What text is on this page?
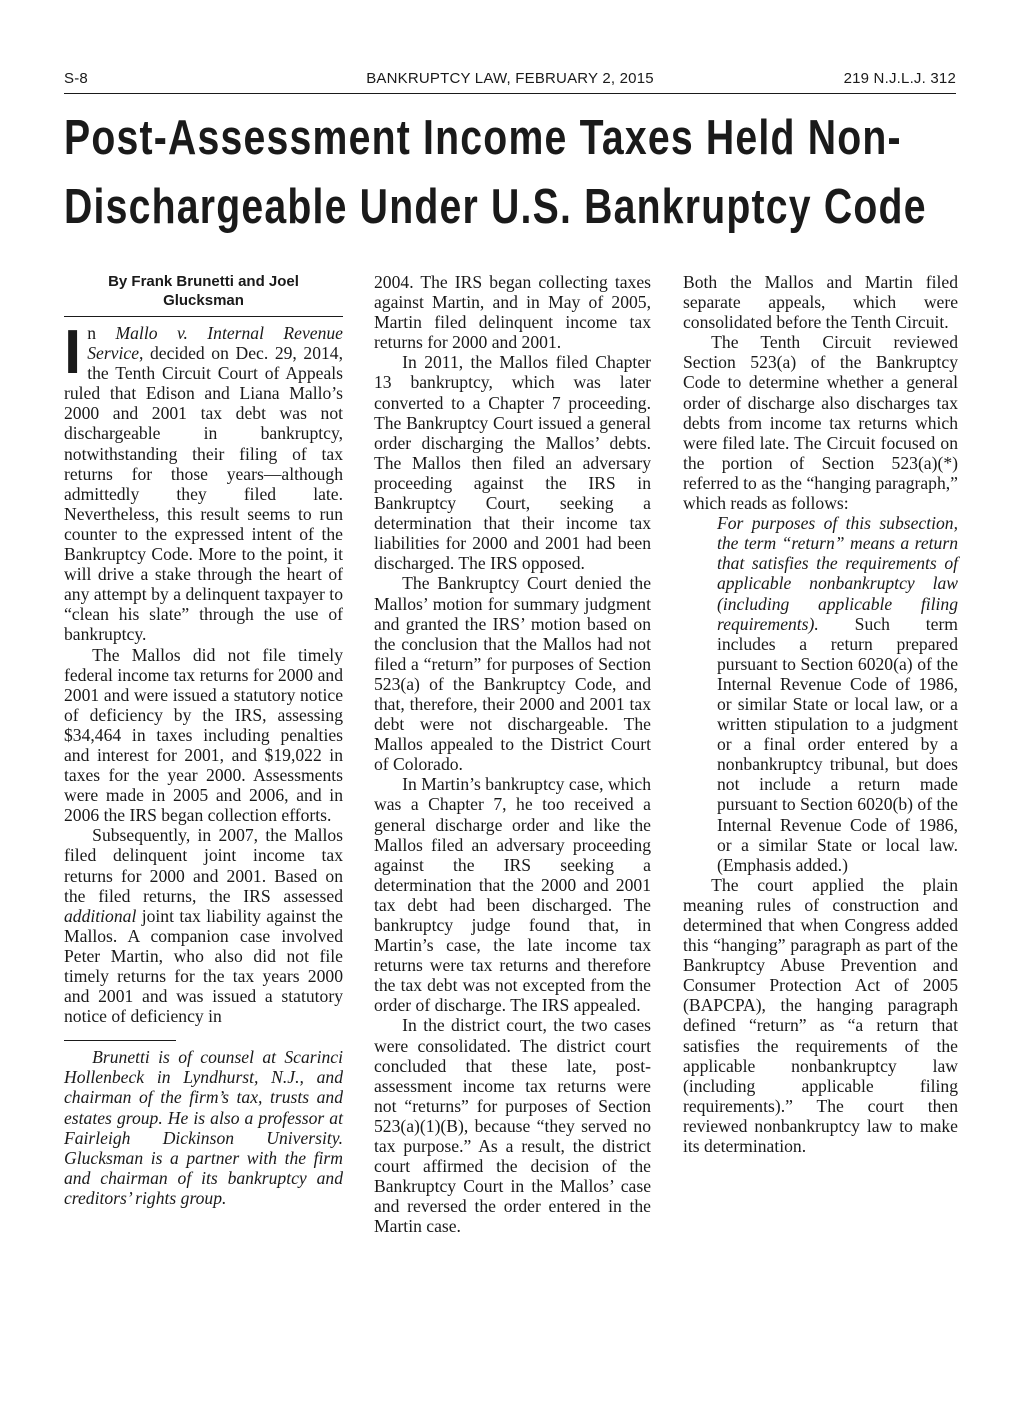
S-8	BANKRUPTCY LAW, FEBRUARY 2, 2015	219 N.J.L.J. 312
Post-Assessment Income Taxes Held Non-
Dischargeable Under U.S. Bankruptcy Code
By Frank Brunetti and Joel Glucksman

In Mallo v. Internal Revenue Service, decided on Dec. 29, 2014, the Tenth Circuit Court of Appeals ruled that Edison and Liana Mallo’s 2000 and 2001 tax debt was not dischargeable in bankruptcy, notwithstanding their filing of tax returns for those years—although admittedly they filed late. Nevertheless, this result seems to run counter to the expressed intent of the Bankruptcy Code. More to the point, it will drive a stake through the heart of any attempt by a delinquent taxpayer to “clean his slate” through the use of bankruptcy.

The Mallos did not file timely federal income tax returns for 2000 and 2001 and were issued a statutory notice of deficiency by the IRS, assessing $34,464 in taxes including penalties and interest for 2001, and $19,022 in taxes for the year 2000. Assessments were made in 2005 and 2006, and in 2006 the IRS began collection efforts.

Subsequently, in 2007, the Mallos filed delinquent joint income tax returns for 2000 and 2001. Based on the filed returns, the IRS assessed additional joint tax liability against the Mallos. A companion case involved Peter Martin, who also did not file timely returns for the tax years 2000 and 2001 and was issued a statutory notice of deficiency in

Brunetti is of counsel at Scarinci Hollenbeck in Lyndhurst, N.J., and chairman of the firm’s tax, trusts and estates group. He is also a professor at Fairleigh Dickinson University. Glucksman is a partner with the firm and chairman of its bankruptcy and creditors’ rights group.

2004. The IRS began collecting taxes against Martin, and in May of 2005, Martin filed delinquent income tax returns for 2000 and 2001.

In 2011, the Mallos filed Chapter 13 bankruptcy, which was later converted to a Chapter 7 proceeding. The Bankruptcy Court issued a general order discharging the Mallos’ debts. The Mallos then filed an adversary proceeding against the IRS in Bankruptcy Court, seeking a determination that their income tax liabilities for 2000 and 2001 had been discharged. The IRS opposed.

The Bankruptcy Court denied the Mallos’ motion for summary judgment and granted the IRS’ motion based on the conclusion that the Mallos had not filed a “return” for purposes of Section 523(a) of the Bankruptcy Code, and that, therefore, their 2000 and 2001 tax debt were not dischargeable. The Mallos appealed to the District Court of Colorado.

In Martin’s bankruptcy case, which was a Chapter 7, he too received a general discharge order and like the Mallos filed an adversary proceeding against the IRS seeking a determination that the 2000 and 2001 tax debt had been discharged. The bankruptcy judge found that, in Martin’s case, the late income tax returns were tax returns and therefore the tax debt was not excepted from the order of discharge. The IRS appealed.

In the district court, the two cases were consolidated. The district court concluded that these late, post-assessment income tax returns were not “returns” for purposes of Section 523(a)(1)(B), because “they served no tax purpose.” As a result, the district court affirmed the decision of the Bankruptcy Court in the Mallos’ case and reversed the order entered in the Martin case.

Both the Mallos and Martin filed separate appeals, which were consolidated before the Tenth Circuit.

The Tenth Circuit reviewed Section 523(a) of the Bankruptcy Code to determine whether a general order of discharge also discharges tax debts from income tax returns which were filed late. The Circuit focused on the portion of Section 523(a)(*) referred to as the “hanging paragraph,” which reads as follows:

For purposes of this subsection, the term “return” means a return that satisfies the requirements of applicable nonbankruptcy law (including applicable filing requirements). Such term includes a return prepared pursuant to Section 6020(a) of the Internal Revenue Code of 1986, or similar State or local law, or a written stipulation to a judgment or a final order entered by a nonbankruptcy tribunal, but does not include a return made pursuant to Section 6020(b) of the Internal Revenue Code of 1986, or a similar State or local law. (Emphasis added.)

The court applied the plain meaning rules of construction and determined that when Congress added this “hanging” paragraph as part of the Bankruptcy Abuse Prevention and Consumer Protection Act of 2005 (BAPCPA), the hanging paragraph defined “return” as “a return that satisfies the requirements of the applicable nonbankruptcy law (including applicable filing requirements).” The court then reviewed nonbankruptcy law to make its determination.
